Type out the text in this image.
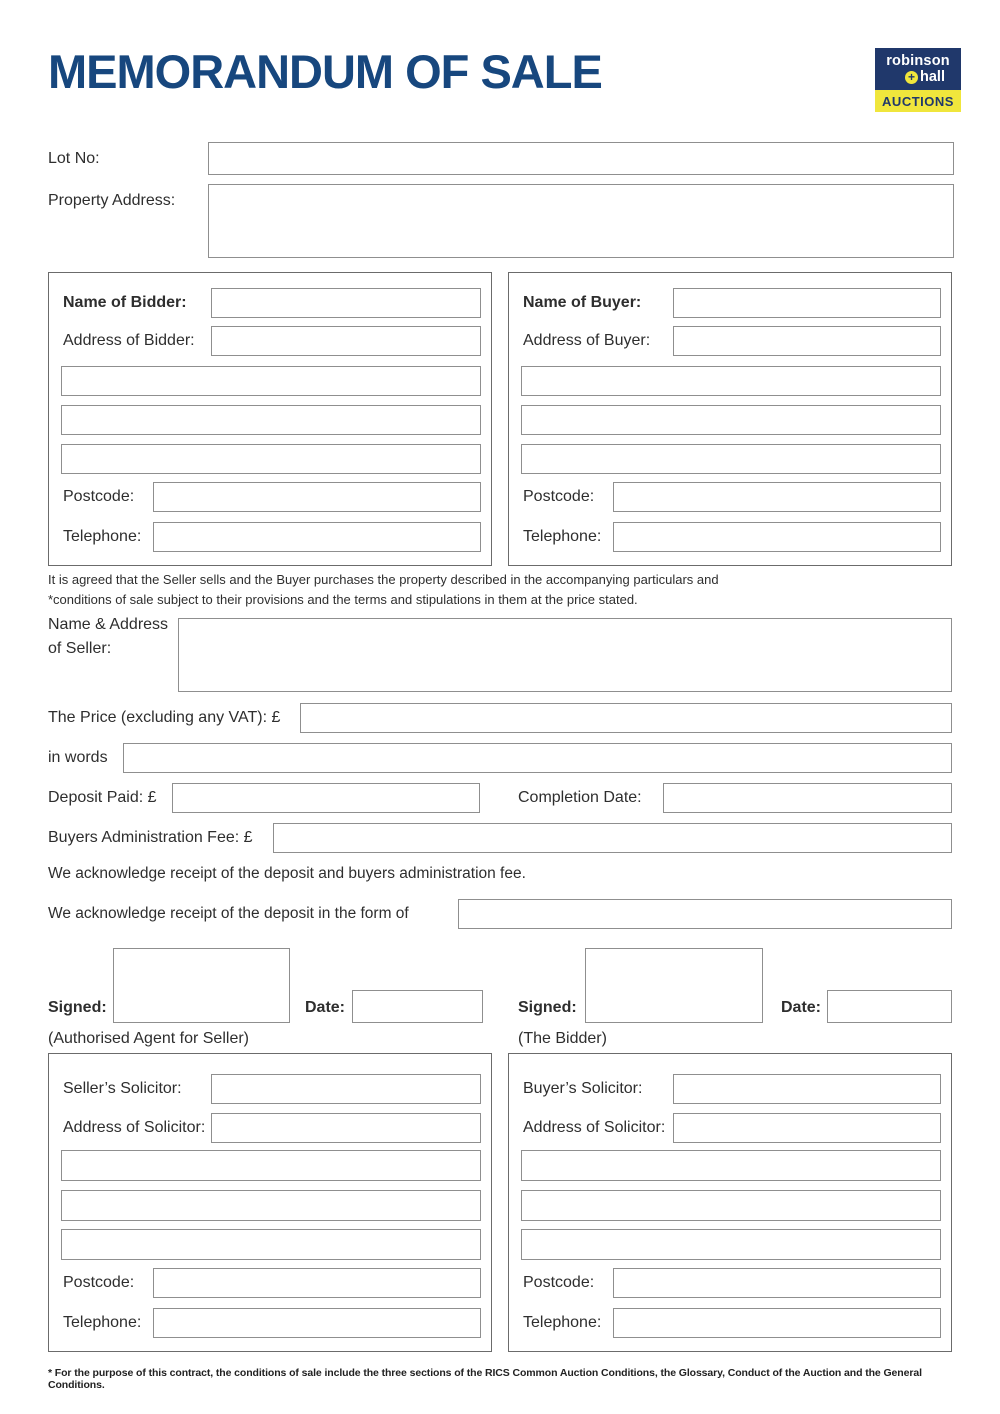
MEMORANDUM OF SALE	robinson
+ hall
AUCTIONS
Lot No:
Property Address:
Name of Bidder:
Address of Bidder:
Postcode:
Telephone:
Name of Buyer:
Address of Buyer:
Postcode:
Telephone:
It is agreed that the Seller sells and the Buyer purchases the property described in the accompanying particulars and
*conditions of sale subject to their provisions and the terms and stipulations in them at the price stated.
Name & Address
of Seller:
The Price (excluding any VAT): £
in words
Deposit Paid: £	Completion Date:
Buyers Administration Fee: £
We acknowledge receipt of the deposit and buyers administration fee.
We acknowledge receipt of the deposit in the form of
Signed:	Date:	Signed:	Date:
(Authorised Agent for Seller)	(The Bidder)
Seller’s Solicitor:
Address of Solicitor:
Postcode:
Telephone:
Buyer’s Solicitor:
Address of Solicitor:
Postcode:
Telephone:
* For the purpose of this contract, the conditions of sale include the three sections of the RICS Common Auction Conditions, the Glossary, Conduct of the Auction and the General Conditions.
